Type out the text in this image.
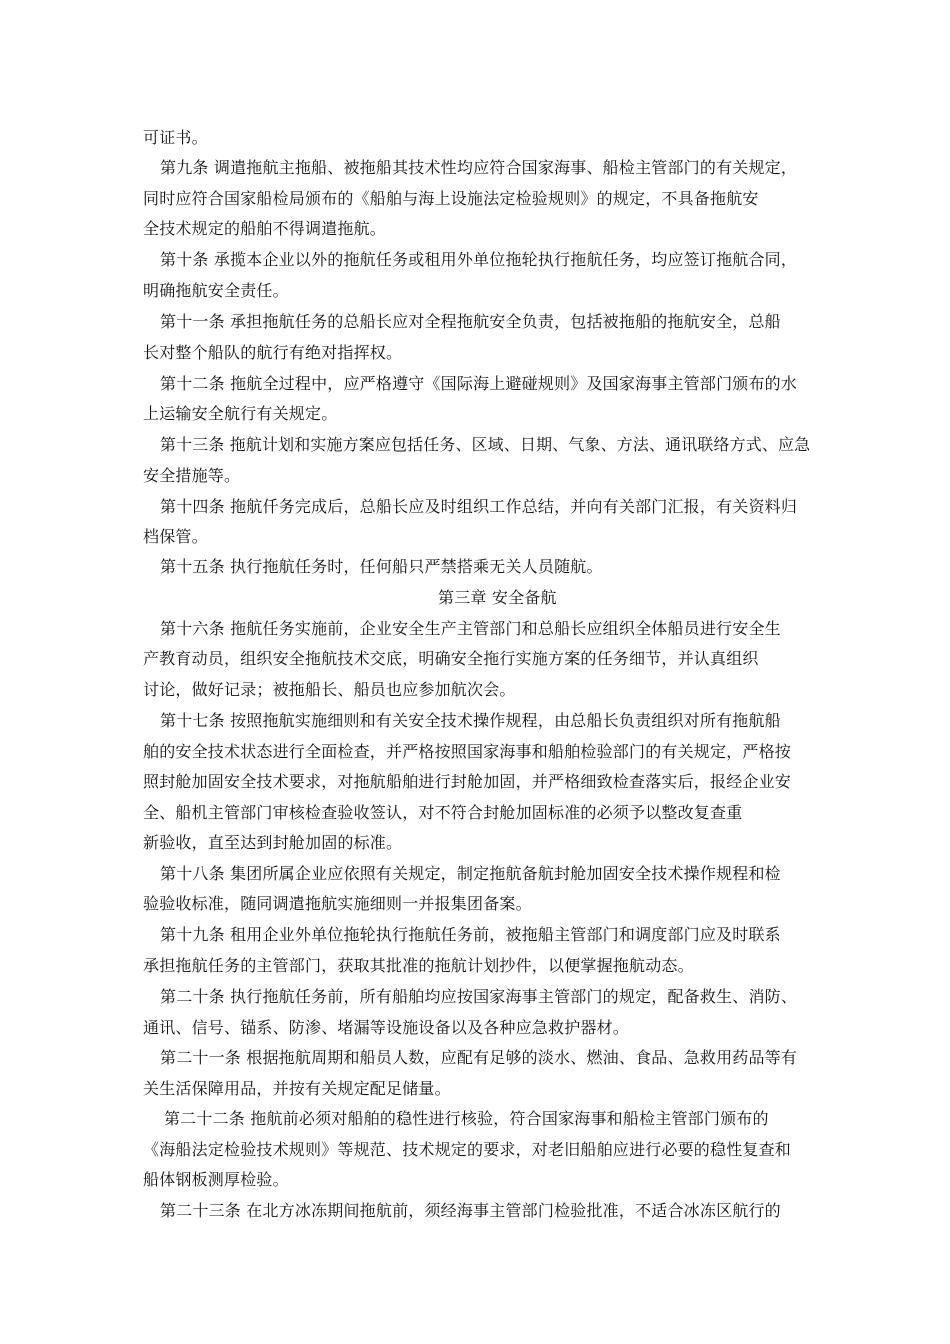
可证书。
第九条 调遣拖航主拖船、被拖船其技术性均应符合国家海事、船检主管部门的有关规定，
同时应符合国家船检局颁布的《船舶与海上设施法定检验规则》的规定，不具备拖航安
全技术规定的船舶不得调遣拖航。
第十条 承揽本企业以外的拖航任务或租用外单位拖轮执行拖航任务，均应签订拖航合同，
明确拖航安全责任。
第十一条 承担拖航任务的总船长应对全程拖航安全负责，包括被拖船的拖航安全，总船
长对整个船队的航行有绝对指挥权。
第十二条 拖航全过程中，应严格遵守《国际海上避碰规则》及国家海事主管部门颁布的水
上运输安全航行有关规定。
第十三条 拖航计划和实施方案应包括任务、区域、日期、气象、方法、通讯联络方式、应急
安全措施等。
第十四条 拖航仟务完成后，总船长应及时组织工作总结，并向有关部门汇报，有关资料归
档保管。
第十五条 执行拖航任务时，任何船只严禁搭乘无关人员随航。
第三章 安全备航
第十六条 拖航任务实施前，企业安全生产主管部门和总船长应组织全体船员进行安全生
产教育动员，组织安全拖航技术交底，明确安全拖行实施方案的任务细节，并认真组织
讨论，做好记录；被拖船长、船员也应参加航次会。
第十七条 按照拖航实施细则和有关安全技术操作规程，由总船长负责组织对所有拖航船
舶的安全技术状态进行全面检查，并严格按照国家海事和船舶检验部门的有关规定，严格按
照封舱加固安全技术要求，对拖航船舶进行封舱加固，并严格细致检查落实后，报经企业安
全、船机主管部门审核检查验收签认，对不符合封舱加固标准的必须予以整改复查重
新验收，直至达到封舱加固的标准。
第十八条 集团所属企业应依照有关规定，制定拖航备航封舱加固安全技术操作规程和检
验验收标准，随同调遣拖航实施细则一并报集团备案。
第十九条 租用企业外单位拖轮执行拖航任务前，被拖船主管部门和调度部门应及时联系
承担拖航任务的主管部门，获取其批准的拖航计划抄件，以便掌握拖航动态。
第二十条 执行拖航任务前，所有船舶均应按国家海事主管部门的规定，配备救生、消防、
通讯、信号、锚系、防渗、堵漏等设施设备以及各种应急救护器材。
第二十一条 根据拖航周期和船员人数，应配有足够的淡水、燃油、食品、急救用药品等有
关生活保障用品，并按有关规定配足储量。
第二十二条 拖航前必须对船舶的稳性进行核验，符合国家海事和船检主管部门颁布的
《海船法定检验技术规则》等规范、技术规定的要求，对老旧船舶应进行必要的稳性复查和
船体钢板测厚检验。
第二十三条 在北方冰冻期间拖航前，须经海事主管部门检验批准，不适合冰冻区航行的
